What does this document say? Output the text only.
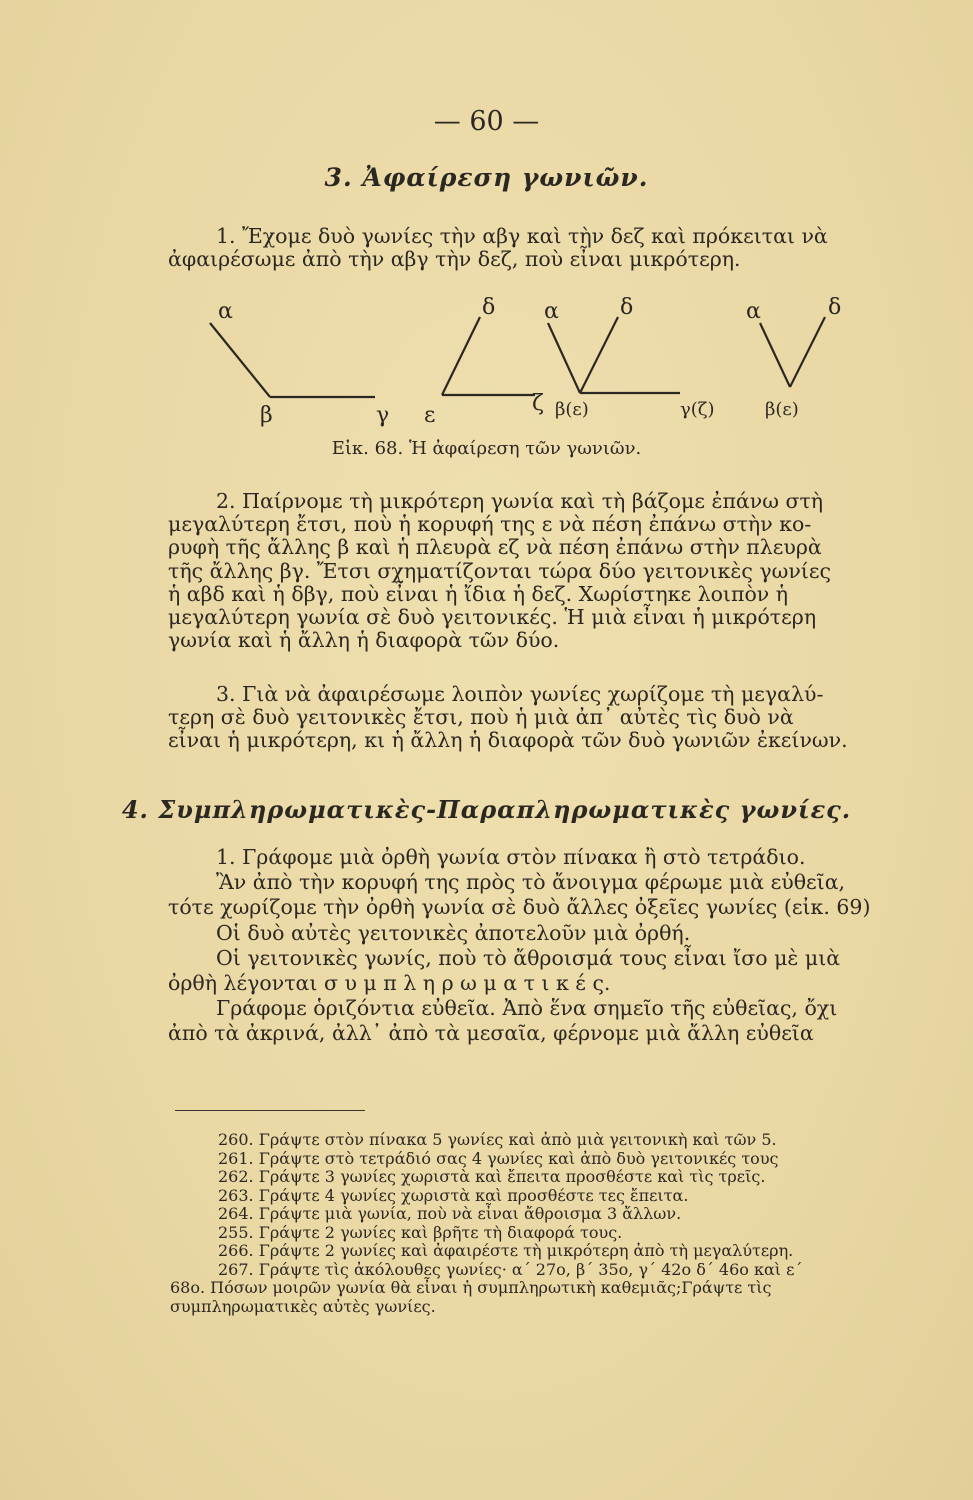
— 60 —
3. Ἀφαίρεση γωνιῶν.
1. Ἔχομε δυὸ γωνίες τὴν αβγ καὶ τὴν δεζ καὶ πρόκειται νὰ
ἀφαιρέσωμε ἀπὸ τὴν αβγ τὴν δεζ, ποὺ εἶναι μικρότερη.
α	δ
β	γ ε	ζ
α	δ
β(ε)	γ(ζ)
α	δ
β(ε)
Εἰκ. 68. Ἡ ἀφαίρεση τῶν γωνιῶν.
2. Παίρνομε τὴ μικρότερη γωνία καὶ τὴ βάζομε ἐπάνω στὴ
μεγαλύτερη ἔτσι, ποὺ ἡ κορυφή της ε νὰ πέση ἐπάνω στὴν κο-
ρυφὴ τῆς ἄλλης β καὶ ἡ πλευρὰ εζ νὰ πέση ἐπάνω στὴν πλευρὰ
τῆς ἄλλης βγ. Ἔτσι σχηματίζονται τώρα δύο γειτονικὲς γωνίες
ἡ αβδ καὶ ἡ δβγ, ποὺ εἶναι ἡ ἴδια ἡ δεζ. Χωρίστηκε λοιπὸν ἡ
μεγαλύτερη γωνία σὲ δυὸ γειτονικές. Ἡ μιὰ εἶναι ἡ μικρότερη
γωνία καὶ ἡ ἄλλη ἡ διαφορὰ τῶν δύο.
3. Γιὰ νὰ ἀφαιρέσωμε λοιπὸν γωνίες χωρίζομε τὴ μεγαλύ-
τερη σὲ δυὸ γειτονικὲς ἔτσι, ποὺ ἡ μιὰ ἀπ᾽ αὐτὲς τὶς δυὸ νὰ
εἶναι ἡ μικρότερη, κι ἡ ἄλλη ἡ διαφορὰ τῶν δυὸ γωνιῶν ἐκείνων.
4. Συμπληρωματικὲς-Παραπληρωματικὲς γωνίες.
1. Γράφομε μιὰ ὀρθὴ γωνία στὸν πίνακα ἢ στὸ τετράδιο.
Ἂν ἀπὸ τὴν κορυφή της πρὸς τὸ ἄνοιγμα φέρωμε μιὰ εὐθεῖα,
τότε χωρίζομε τὴν ὀρθὴ γωνία σὲ δυὸ ἄλλες ὀξεῖες γωνίες (εἰκ. 69)
Οἱ δυὸ αὐτὲς γειτονικὲς ἀποτελοῦν μιὰ ὀρθή.
Οἱ γειτονικὲς γωνίς, ποὺ τὸ ἄθροισμά τους εἶναι ἴσο μὲ μιὰ
ὀρθὴ λέγονται σ υ μ π λ η ρ ω μ α τ ι κ έ ς.
Γράφομε ὁριζόντια εὐθεῖα. Ἀπὸ ἕνα σημεῖο τῆς εὐθεῖας, ὄχι
ἀπὸ τὰ ἀκρινά, ἀλλ᾽ ἀπὸ τὰ μεσαῖα, φέρνομε μιὰ ἄλλη εὐθεῖα
260. Γράψτε στὸν πίνακα 5 γωνίες καὶ ἀπὸ μιὰ γειτονικὴ καὶ τῶν 5.
261. Γράψτε στὸ τετράδιό σας 4 γωνίες καὶ ἀπὸ δυὸ γειτονικές τους
262. Γράψτε 3 γωνίες χωριστὰ καὶ ἔπειτα προσθέστε καὶ τὶς τρεῖς.
263. Γράψτε 4 γωνίες χωριστὰ καὶ προσθέστε τες ἔπειτα.
264. Γράψτε μιὰ γωνία, ποὺ νὰ εἶναι ἄθροισμα 3 ἄλλων.
255. Γράψτε 2 γωνίες καὶ βρῆτε τὴ διαφορά τους.
266. Γράψτε 2 γωνίες καὶ ἀφαιρέστε τὴ μικρότερη ἀπὸ τὴ μεγαλύτερη.
267. Γράψτε τὶς ἀκόλουθες γωνίες· α΄ 27ο, β΄ 35ο, γ΄ 42ο δ΄ 46ο καὶ ε΄
68ο. Πόσων μοιρῶν γωνία θὰ εἶναι ἡ συμπληρωτικὴ καθεμιᾶς;Γράψτε τὶς
συμπληρωματικὲς αὐτὲς γωνίες.
